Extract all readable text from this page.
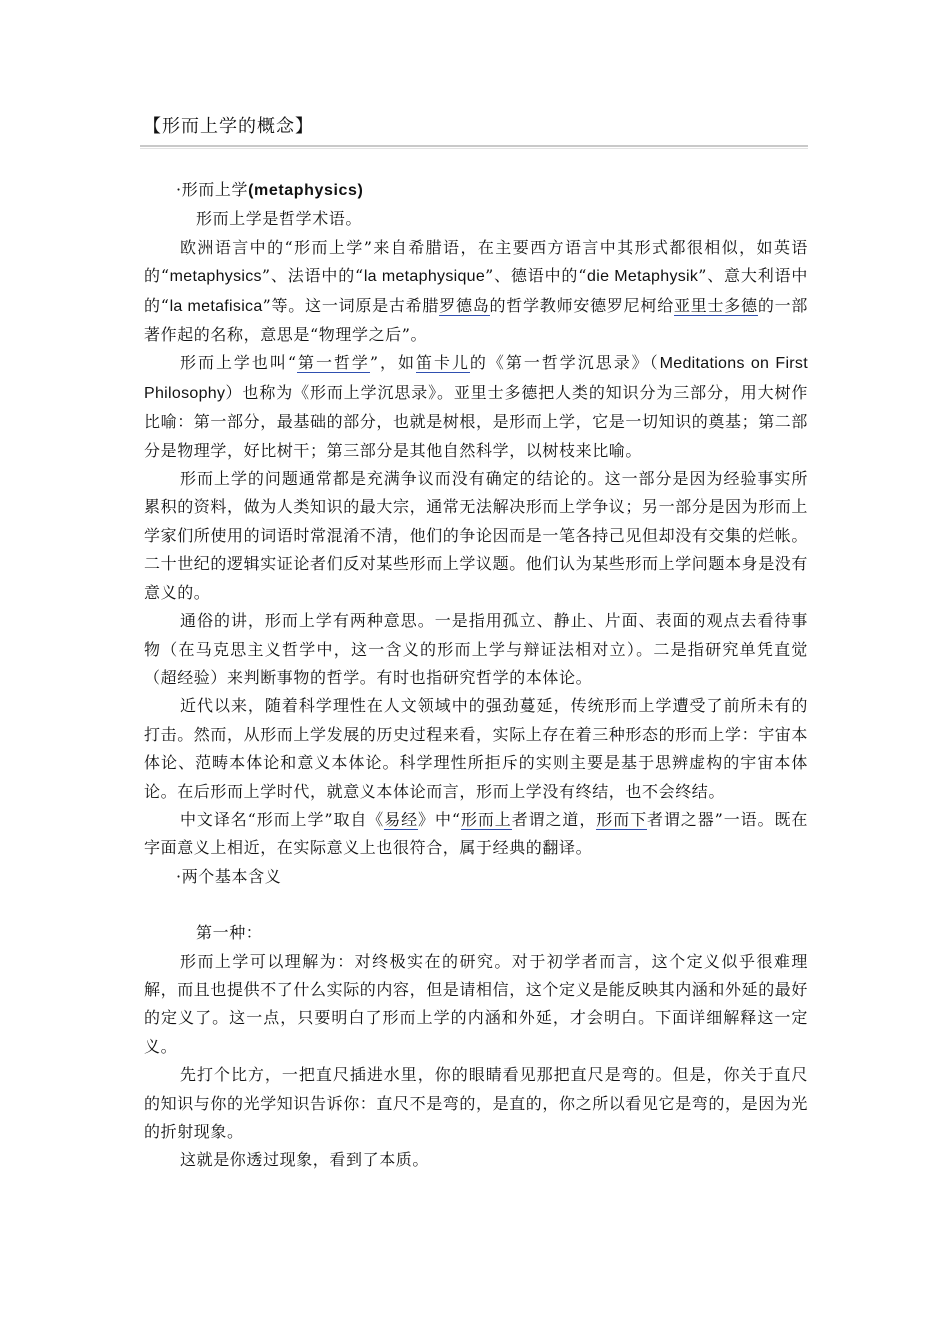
【形而上学的概念】

·形而上学(metaphysics)

形而上学是哲学术语。

欧洲语言中的“形而上学”来自希腊语，在主要西方语言中其形式都很相似，如英语的“metaphysics”、法语中的“la metaphysique”、德语中的“die Metaphysik”、意大利语中的“la metafisica”等。这一词原是古希腊罗德岛的哲学教师安德罗尼柯给亚里士多德的一部著作起的名称，意思是“物理学之后”。

形而上学也叫“第一哲学”，如笛卡儿的《第一哲学沉思录》（Meditations on First Philosophy）也称为《形而上学沉思录》。亚里士多德把人类的知识分为三部分，用大树作比喻：第一部分，最基础的部分，也就是树根，是形而上学，它是一切知识的奠基；第二部分是物理学，好比树干；第三部分是其他自然科学，以树枝来比喻。

形而上学的问题通常都是充满争议而没有确定的结论的。这一部分是因为经验事实所累积的资料，做为人类知识的最大宗，通常无法解决形而上学争议；另一部分是因为形而上学家们所使用的词语时常混淆不清，他们的争论因而是一笔各持己见但却没有交集的烂帐。 二十世纪的逻辑实证论者们反对某些形而上学议题。他们认为某些形而上学问题本身是没有意义的。

通俗的讲，形而上学有两种意思。一是指用孤立、静止、片面、表面的观点去看待事物（在马克思主义哲学中，这一含义的形而上学与辩证法相对立）。二是指研究单凭直觉（超经验）来判断事物的哲学。有时也指研究哲学的本体论。

近代以来，随着科学理性在人文领域中的强劲蔓延，传统形而上学遭受了前所未有的打击。然而，从形而上学发展的历史过程来看，实际上存在着三种形态的形而上学：宇宙本体论、范畴本体论和意义本体论。科学理性所拒斥的实则主要是基于思辨虚构的宇宙本体论。在后形而上学时代，就意义本体论而言，形而上学没有终结，也不会终结。

中文译名“形而上学”取自《易经》中“形而上者谓之道，形而下者谓之器”一语。既在字面意义上相近，在实际意义上也很符合，属于经典的翻译。

·两个基本含义

第一种：

形而上学可以理解为：对终极实在的研究。对于初学者而言，这个定义似乎很难理解，而且也提供不了什么实际的内容，但是请相信，这个定义是能反映其内涵和外延的最好的定义了。这一点，只要明白了形而上学的内涵和外延，才会明白。下面详细解释这一定义。

先打个比方，一把直尺插进水里，你的眼睛看见那把直尺是弯的。但是，你关于直尺的知识与你的光学知识告诉你：直尺不是弯的，是直的，你之所以看见它是弯的，是因为光的折射现象。

这就是你透过现象，看到了本质。
